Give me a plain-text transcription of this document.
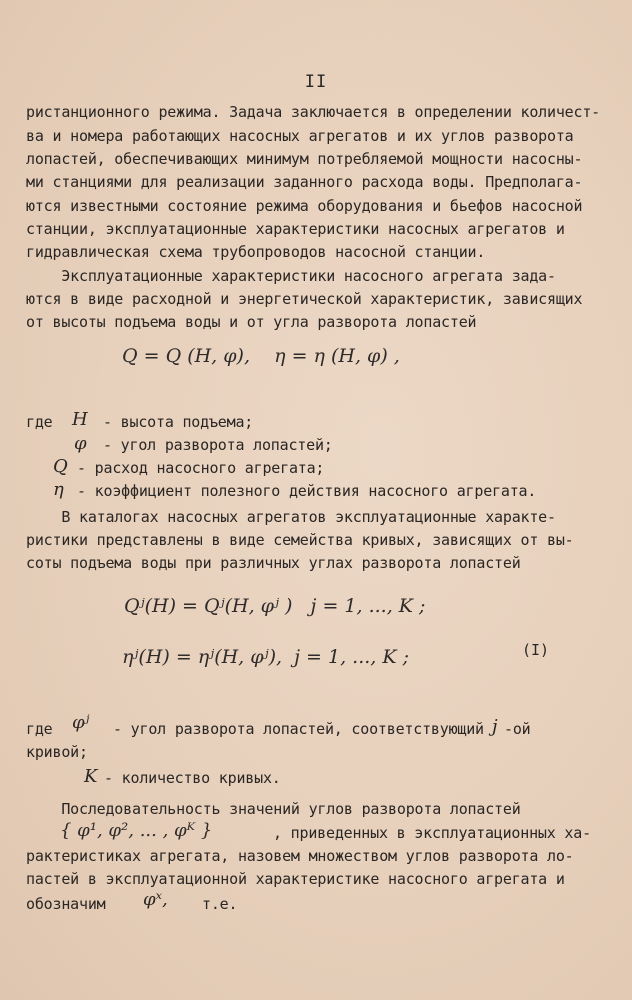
II
ристанционного режима. Задача заключается в определении количест-
ва и номера работающих насосных агрегатов и их углов разворота
лопастей, обеспечивающих минимум потребляемой мощности насосны-
ми станциями для реализации заданного расхода воды. Предполага-
ются известными состояние режима оборудования и бьефов насосной
станции, эксплуатационные характеристики насосных агрегатов и
гидравлическая схема трубопроводов насосной станции.
Эксплуатационные характеристики насосного агрегата зада-
ются в виде расходной и энергетической характеристик, зависящих
от высоты подъема воды и от угла разворота лопастей
Q = Q (H, φ),    η = η (H, φ) ,
где H - высота подъема;
φ - угол разворота лопастей;
Q - расход насосного агрегата;
η - коэффициент полезного действия насосного агрегата.
В каталогах насосных агрегатов эксплуатационные характе-
ристики представлены в виде семейства кривых, зависящих от вы-
соты подъема воды при различных углах разворота лопастей
Qʲ(H) = Qʲ(H, φʲ )   j = 1, ..., K ;
ηʲ(H) = ηʲ(H, φʲ),  j = 1, ..., K ;	(I)
где φʲ - угол разворота лопастей, соответствующий j -ой
кривой;
K - количество кривых.
Последовательность значений углов разворота лопастей
{ φ¹, φ², ... , φᴷ }	, приведенных в эксплуатационных ха-
рактеристиках агрегата, назовем множеством углов разворота ло-
пастей в эксплуатационной характеристике насосного агрегата и
обозначим φˣ, т.е.
